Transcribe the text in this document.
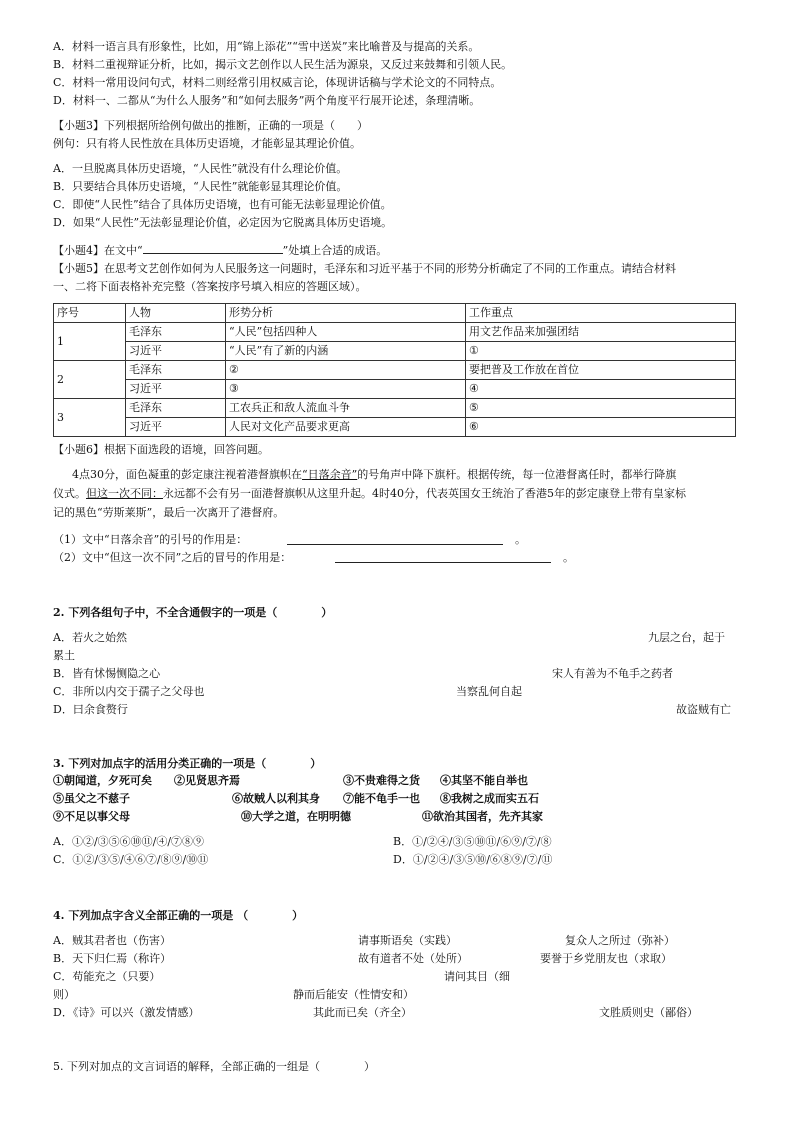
A．材料一语言具有形象性，比如，用“锦上添花”“雪中送炭”来比喻普及与提高的关系。
B．材料二重视辩证分析，比如，揭示文艺创作以人民生活为源泉，又反过来鼓舞和引领人民。
C．材料一常用设问句式，材料二则经常引用权威言论，体现讲话稿与学术论文的不同特点。
D．材料一、二都从“为什么人服务”和“如何去服务”两个角度平行展开论述，条理清晰。
【小题3】下列根据所给例句做出的推断，正确的一项是（　　）
例句：只有将人民性放在具体历史语境，才能彰显其理论价值。
A．一旦脱离具体历史语境，“人民性”就没有什么理论价值。
B．只要结合具体历史语境，“人民性”就能彰显其理论价值。
C．即使“人民性”结合了具体历史语境，也有可能无法彰显理论价值。
D．如果“人民性”无法彰显理论价值，必定因为它脱离具体历史语境。
【小题4】在文中“	”处填上合适的成语。
【小题5】在思考文艺创作如何为人民服务这一问题时，毛泽东和习近平基于不同的形势分析确定了不同的工作重点。请结合材料
一、二将下面表格补充完整（答案按序号填入相应的答题区域）。
序号	人物	形势分析	工作重点
1	毛泽东	“人民”包括四种人	用文艺作品来加强团结
	习近平	“人民”有了新的内涵	①
2	毛泽东	②	要把普及工作放在首位
	习近平	③	④
3	毛泽东	工农兵正和敌人流血斗争	⑤
	习近平	人民对文化产品要求更高	⑥
【小题6】根据下面选段的语境，回答问题。
4点30分，面色凝重的彭定康注视着港督旗帜在“日落余音”的号角声中降下旗杆。根据传统，每一位港督离任时，都举行降旗
仪式。但这一次不同：永远都不会有另一面港督旗帜从这里升起。4时40分，代表英国女王统治了香港5年的彭定康登上带有皇家标
记的黑色“劳斯莱斯”，最后一次离开了港督府。
（1）文中“日落余音”的引号的作用是：	。
（2）文中“但这一次不同”之后的冒号的作用是：	。
2. 下列各组句子中，不全含通假字的一项是（　　　　）
A．若火之始然	九层之台，起于
累土
B．皆有怵惕恻隐之心	宋人有善为不龟手之药者
C．非所以内交于孺子之父母也	当察乱何自起
D．曰余食赘行	故盗贼有亡
3. 下列对加点字的活用分类正确的一项是（　　　　）
①朝闻道，夕死可矣 ②见贤思齐焉	③不贵难得之货 ④其坚不能自举也
⑤虽父之不慈子	⑥故贼人以利其身 ⑦能不龟手一也 ⑧我树之成而实五石
⑨不足以事父母	⑩大学之道，在明明德	⑪欲治其国者，先齐其家
A．①②/③⑤⑥⑩⑪/④/⑦⑧⑨	B．①/②④/③⑤⑩⑪/⑥⑨/⑦/⑧
C．①②/③⑤/④⑥⑦/⑧⑨/⑩⑪	D．①/②④/③⑤⑩/⑥⑧⑨/⑦/⑪
4. 下列加点字含义全部正确的一项是 （　　　　）
A．贼其君者也（伤害）	请事斯语矣（实践）	复众人之所过（弥补）
B．天下归仁焉（称许）	故有道者不处（处所）	要誉于乡党朋友也（求取）
C．苟能充之（只要）	请问其目（细
则）	静而后能安（性情安和）
D．《诗》可以兴（激发情感）	其此而已矣（齐全）	文胜质则史（鄙俗）
5. 下列对加点的文言词语的解释，全部正确的一组是（　　　　）
